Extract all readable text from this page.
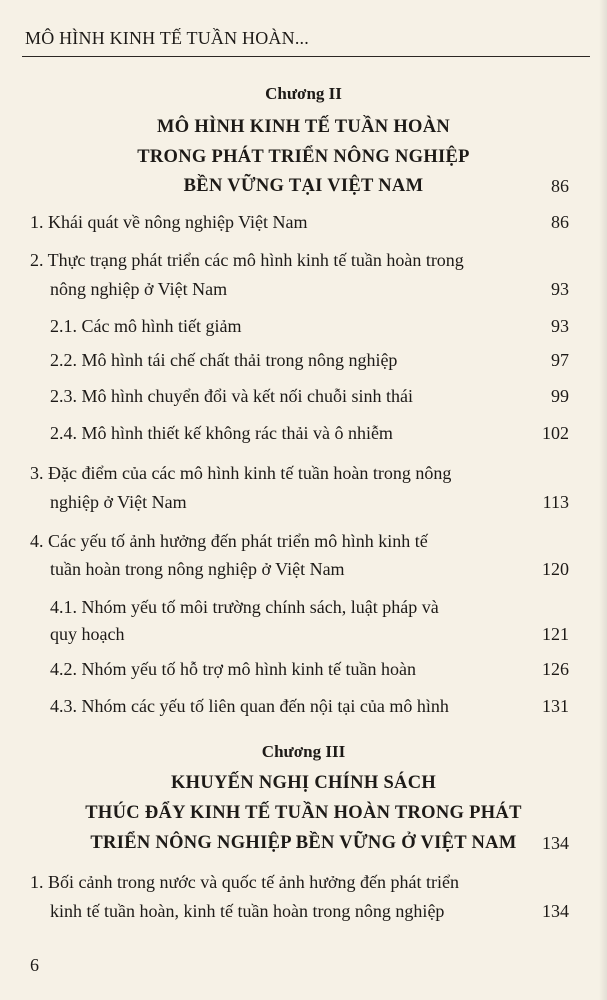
MÔ HÌNH KINH TẾ TUẦN HOÀN...
Chương II
MÔ HÌNH KINH TẾ TUẦN HOÀN
TRONG PHÁT TRIỂN NÔNG NGHIỆP
BỀN VỮNG TẠI VIỆT NAM	86
1. Khái quát về nông nghiệp Việt Nam	86
2. Thực trạng phát triển các mô hình kinh tế tuần hoàn trong
nông nghiệp ở Việt Nam	93
2.1. Các mô hình tiết giảm	93
2.2. Mô hình tái chế chất thải trong nông nghiệp	97
2.3. Mô hình chuyển đổi và kết nối chuỗi sinh thái	99
2.4. Mô hình thiết kế không rác thải và ô nhiễm	102
3. Đặc điểm của các mô hình kinh tế tuần hoàn trong nông
nghiệp ở Việt Nam	113
4. Các yếu tố ảnh hưởng đến phát triển mô hình kinh tế
tuần hoàn trong nông nghiệp ở Việt Nam	120
4.1. Nhóm yếu tố môi trường chính sách, luật pháp và
quy hoạch	121
4.2. Nhóm yếu tố hỗ trợ mô hình kinh tế tuần hoàn	126
4.3. Nhóm các yếu tố liên quan đến nội tại của mô hình	131
Chương III
KHUYẾN NGHỊ CHÍNH SÁCH
THÚC ĐẨY KINH TẾ TUẦN HOÀN TRONG PHÁT
TRIỂN NÔNG NGHIỆP BỀN VỮNG Ở VIỆT NAM	134
1. Bối cảnh trong nước và quốc tế ảnh hưởng đến phát triển
kinh tế tuần hoàn, kinh tế tuần hoàn trong nông nghiệp	134
6
